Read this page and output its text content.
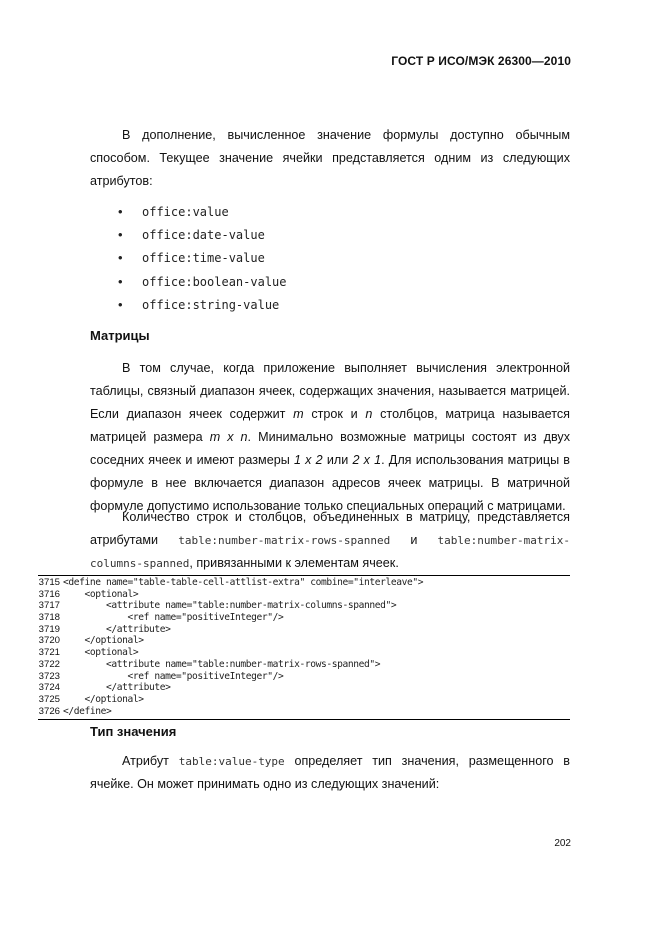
ГОСТ Р ИСО/МЭК 26300—2010
В дополнение, вычисленное значение формулы доступно обычным способом. Текущее значение ячейки представляется одним из следующих атрибутов:
• office:value
• office:date-value
• office:time-value
• office:boolean-value
• office:string-value
Матрицы
В том случае, когда приложение выполняет вычисления электронной таблицы, связный диапазон ячеек, содержащих значения, называется матрицей. Если диапазон ячеек содержит m строк и n столбцов, матрица называется матрицей размера m x n. Минимально возможные матрицы состоят из двух соседних ячеек и имеют размеры 1 x 2 или 2 x 1. Для использования матрицы в формуле в нее включается диапазон адресов ячеек матрицы. В матричной формуле допустимо использование только специальных операций с матрицами.
Количество строк и столбцов, объединенных в матрицу, представляется атрибутами table:number-matrix-rows-spanned и table:number-matrix-columns-spanned, привязанными к элементам ячеек.
3715 <define name="table-table-cell-attlist-extra" combine="interleave">
3716 <optional>
3717 <attribute name="table:number-matrix-columns-spanned">
3718 <ref name="positiveInteger"/>
3719 </attribute>
3720 </optional>
3721 <optional>
3722 <attribute name="table:number-matrix-rows-spanned">
3723 <ref name="positiveInteger"/>
3724 </attribute>
3725 </optional>
3726 </define>
Тип значения
Атрибут table:value-type определяет тип значения, размещенного в ячейке. Он может принимать одно из следующих значений:
202
